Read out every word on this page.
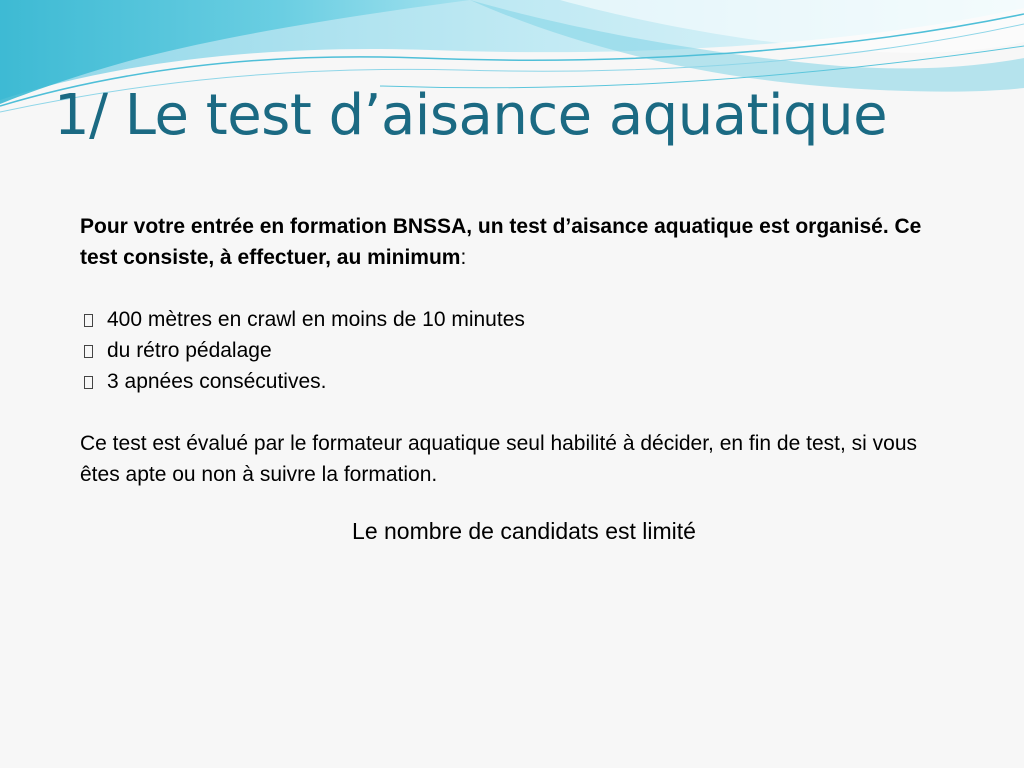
1/ Le test d’aisance aquatique

Pour votre entrée en formation BNSSA, un test d’aisance aquatique est organisé. Ce test consiste, à effectuer, au minimum:

400 mètres en crawl en moins de 10 minutes
du rétro pédalage
3 apnées consécutives.

Ce test est évalué par le formateur aquatique seul habilité à décider, en fin de test, si vous êtes apte ou non à suivre la formation.

Le nombre de candidats est limité
